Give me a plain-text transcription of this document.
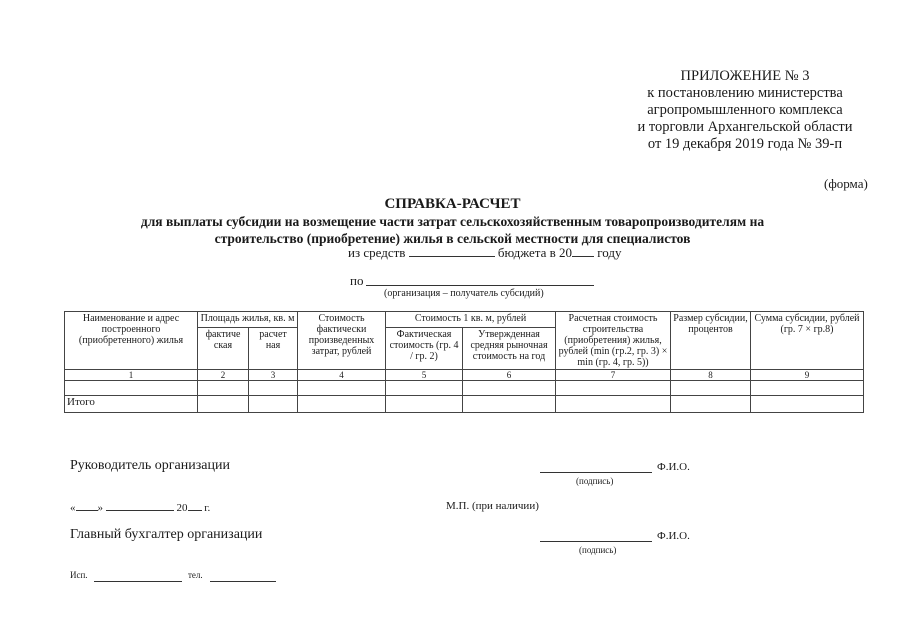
ПРИЛОЖЕНИЕ № 3
к постановлению министерства
агропромышленного комплекса
и торговли Архангельской области
от 19 декабря 2019 года № 39-п
(форма)
СПРАВКА-РАСЧЕТ
для выплаты субсидии на возмещение части затрат сельскохозяйственным товаропроизводителям на
строительство (приобретение) жилья в сельской местности для специалистов
из средств	бюджета в 20 году
по
(организация – получатель субсидий)
Наименование и адрес построенного (приобретенного) жилья	Площадь жилья, кв. м		Стоимость фактически произведенных затрат, рублей	Стоимость 1 кв. м, рублей		Расчетная стоимость строительства (приобретения) жилья, рублей (min (гр.2, гр. 3) × min (гр. 4, гр. 5))	Размер субсидии, процентов	Сумма субсидии, рублей (гр. 7 × гр.8)
	фактиче ская	расчет ная		Фактическая стоимость (гр. 4 / гр. 2)	Утвержденная средняя рыночная стоимость на год			
1	2	3	4	5	6	7	8	9

Итого								
Руководитель организации	Ф.И.О.
(подпись)
« »	20 г.	М.П. (при наличии)
Главный бухгалтер организации	Ф.И.О.
(подпись)
Исп.	тел.
